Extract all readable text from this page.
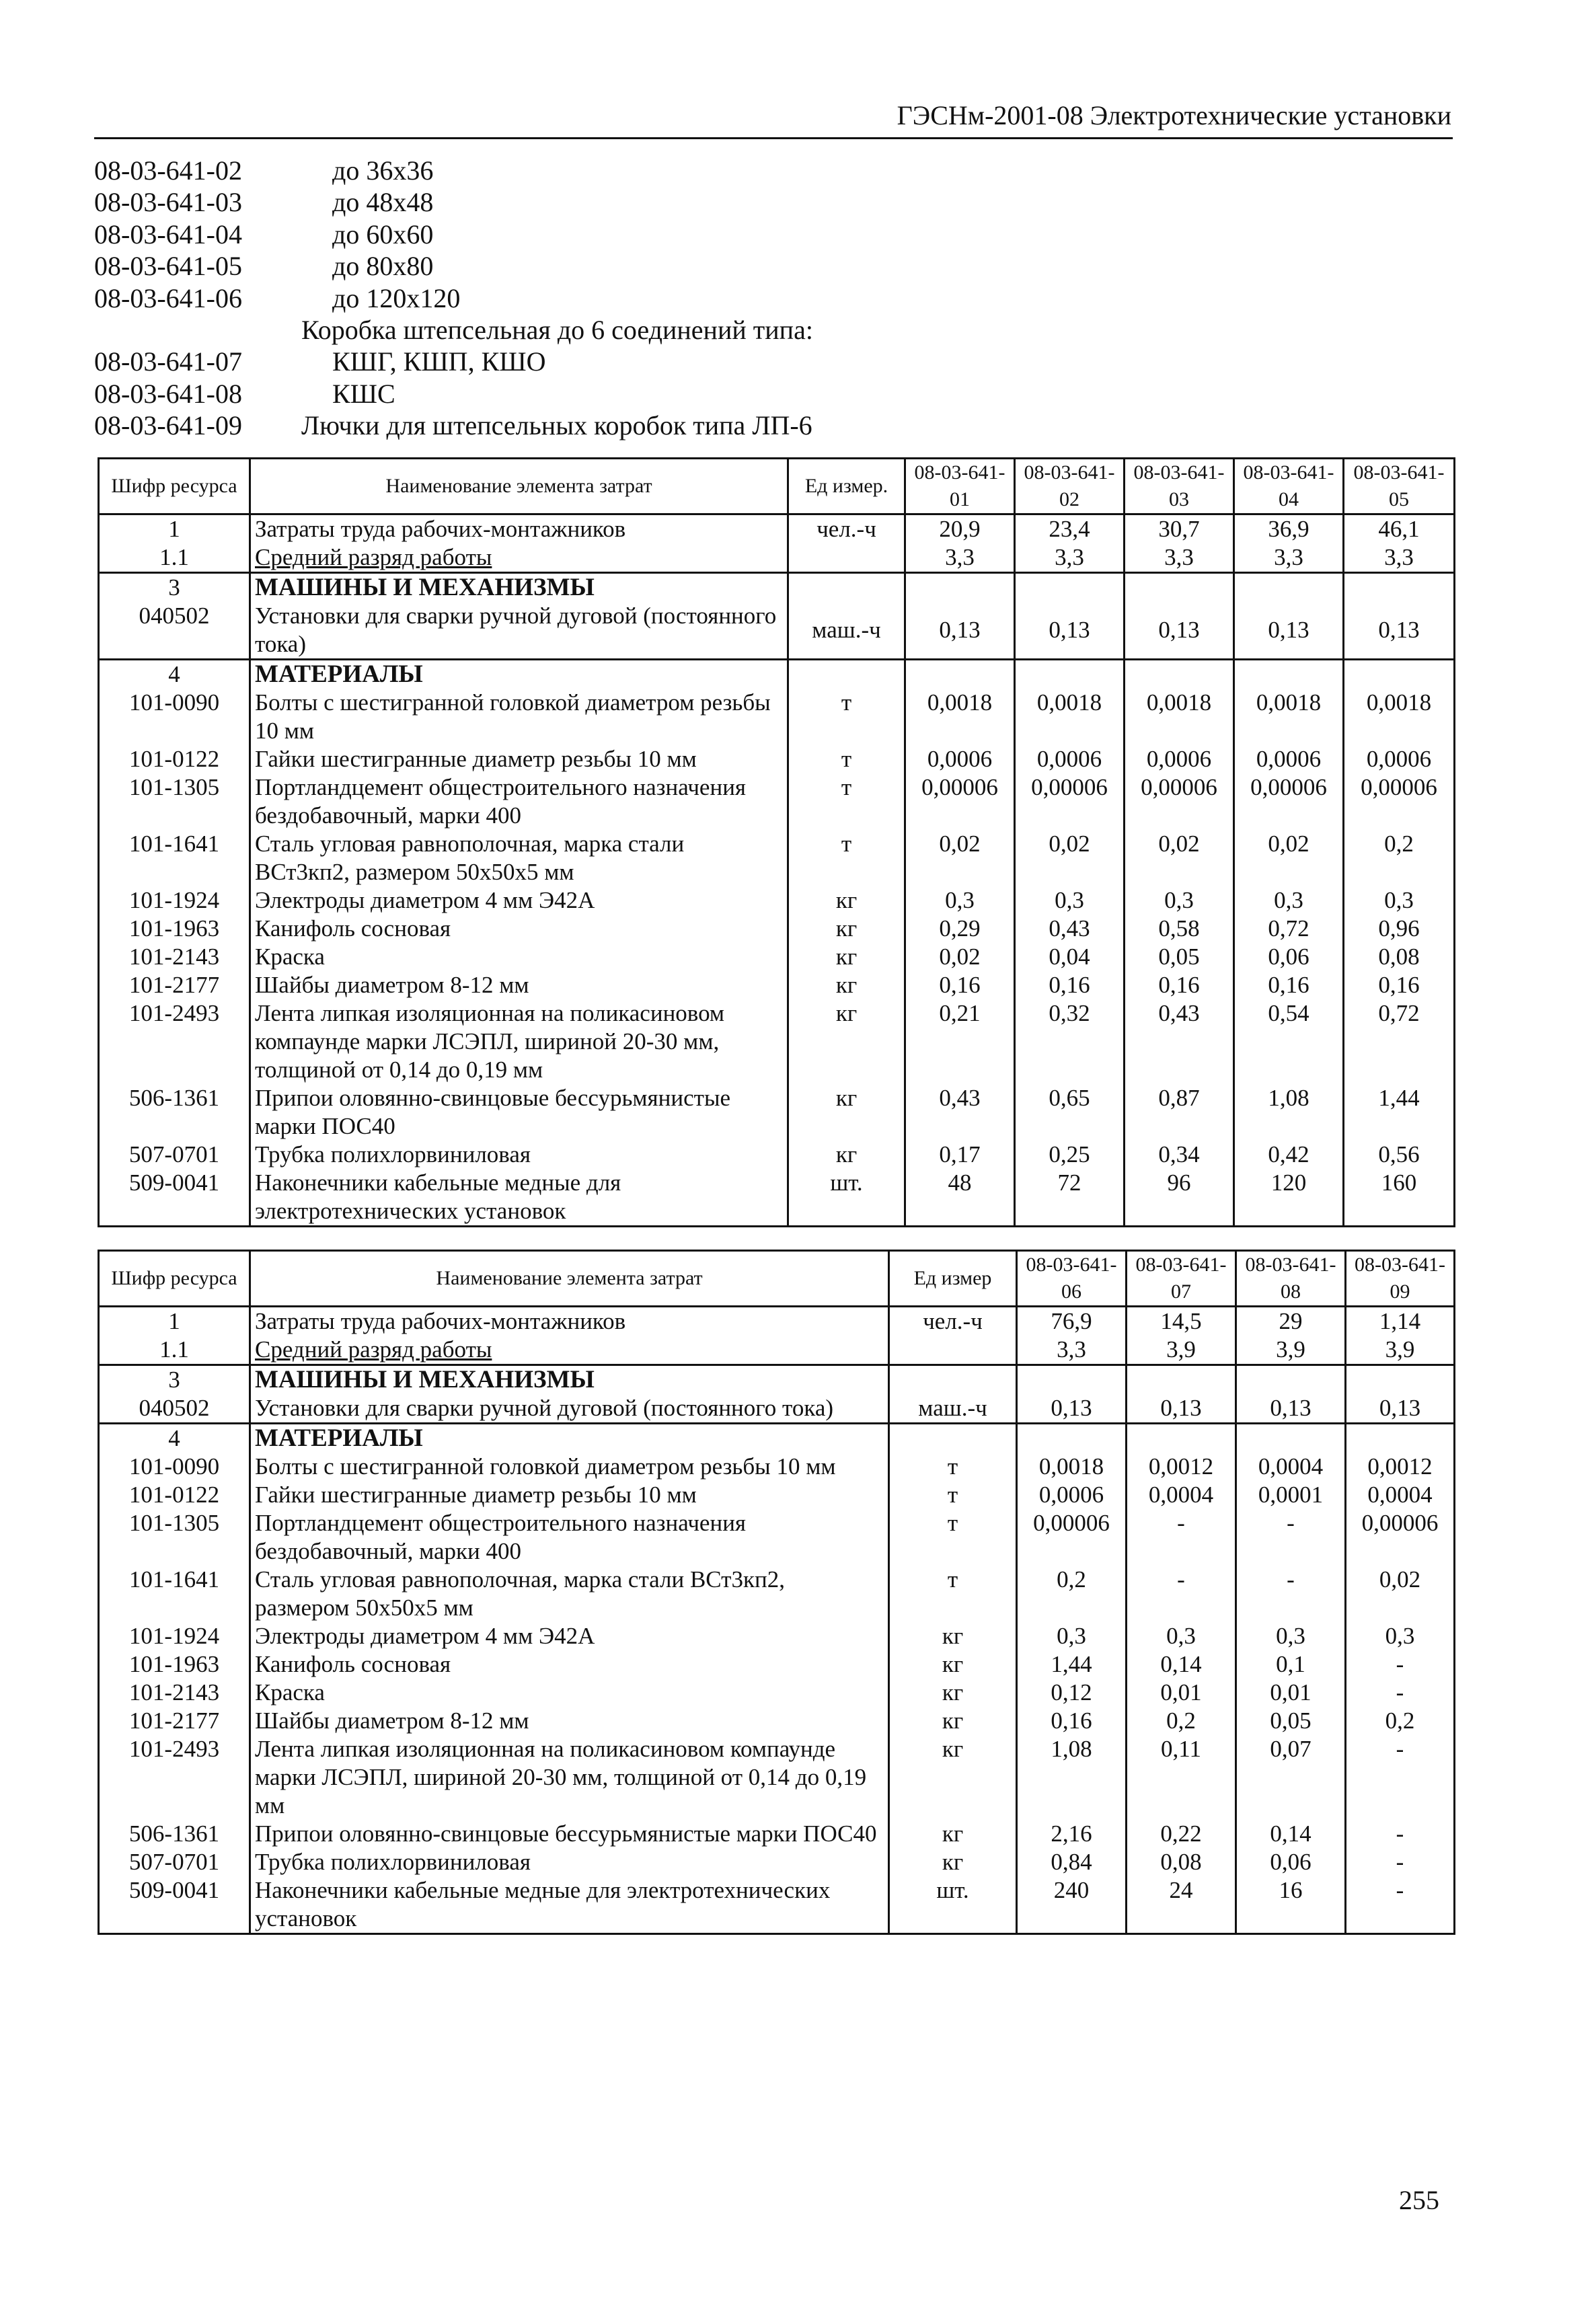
ГЭСНм-2001-08 Электротехнические установки
08-03-641-02	до 36х36
08-03-641-03	до 48х48
08-03-641-04	до 60х60
08-03-641-05	до 80х80
08-03-641-06	до 120х120
Коробка штепсельная до 6 соединений типа:
08-03-641-07	КШГ, КШП, КШО
08-03-641-08	КШС
08-03-641-09 Лючки для штепсельных коробок типа ЛП-6
Шифр ресурса	Наименование элемента затрат	Ед измер.	08-03-641-01	08-03-641-02	08-03-641-03	08-03-641-04	08-03-641-05
1	Затраты труда рабочих-монтажников	чел.-ч	20,9	23,4	30,7	36,9	46,1
1.1	Средний разряд работы		3,3	3,3	3,3	3,3	3,3
3	МАШИНЫ И МЕХАНИЗМЫ						
040502	Установки для сварки ручной дуговой (постоянного тока)	маш.-ч	0,13	0,13	0,13	0,13	0,13
4	МАТЕРИАЛЫ						
101-0090	Болты с шестигранной головкой диаметром резьбы 10 мм	т	0,0018	0,0018	0,0018	0,0018	0,0018
101-0122	Гайки шестигранные диаметр резьбы 10 мм	т	0,0006	0,0006	0,0006	0,0006	0,0006
101-1305	Портландцемент общестроительного назначения бездобавочный, марки 400	т	0,00006	0,00006	0,00006	0,00006	0,00006
101-1641	Сталь угловая равнополочная, марка стали ВСт3кп2, размером 50х50х5 мм	т	0,02	0,02	0,02	0,02	0,2
101-1924	Электроды диаметром 4 мм Э42А	кг	0,3	0,3	0,3	0,3	0,3
101-1963	Канифоль сосновая	кг	0,29	0,43	0,58	0,72	0,96
101-2143	Краска	кг	0,02	0,04	0,05	0,06	0,08
101-2177	Шайбы диаметром 8-12 мм	кг	0,16	0,16	0,16	0,16	0,16
101-2493	Лента липкая изоляционная на поликасиновом компаунде марки ЛСЭПЛ, шириной 20-30 мм, толщиной от 0,14 до 0,19 мм	кг	0,21	0,32	0,43	0,54	0,72
506-1361	Припои оловянно-свинцовые бессурьмянистые марки ПОС40	кг	0,43	0,65	0,87	1,08	1,44
507-0701	Трубка полихлорвиниловая	кг	0,17	0,25	0,34	0,42	0,56
509-0041	Наконечники кабельные медные для электротехнических установок	шт.	48	72	96	120	160
Шифр ресурса	Наименование элемента затрат	Ед измер	08-03-641-06	08-03-641-07	08-03-641-08	08-03-641-09
1	Затраты труда рабочих-монтажников	чел.-ч	76,9	14,5	29	1,14
1.1	Средний разряд работы		3,3	3,9	3,9	3,9
3	МАШИНЫ И МЕХАНИЗМЫ					
040502	Установки для сварки ручной дуговой (постоянного тока)	маш.-ч	0,13	0,13	0,13	0,13
4	МАТЕРИАЛЫ					
101-0090	Болты с шестигранной головкой диаметром резьбы 10 мм	т	0,0018	0,0012	0,0004	0,0012
101-0122	Гайки шестигранные диаметр резьбы 10 мм	т	0,0006	0,0004	0,0001	0,0004
101-1305	Портландцемент общестроительного назначения бездобавочный, марки 400	т	0,00006	-	-	0,00006
101-1641	Сталь угловая равнополочная, марка стали ВСт3кп2, размером 50х50х5 мм	т	0,2	-	-	0,02
101-1924	Электроды диаметром 4 мм Э42А	кг	0,3	0,3	0,3	0,3
101-1963	Канифоль сосновая	кг	1,44	0,14	0,1	-
101-2143	Краска	кг	0,12	0,01	0,01	-
101-2177	Шайбы диаметром 8-12 мм	кг	0,16	0,2	0,05	0,2
101-2493	Лента липкая изоляционная на поликасиновом компаунде марки ЛСЭПЛ, шириной 20-30 мм, толщиной от 0,14 до 0,19 мм	кг	1,08	0,11	0,07	-
506-1361	Припои оловянно-свинцовые бессурьмянистые марки ПОС40	кг	2,16	0,22	0,14	-
507-0701	Трубка полихлорвиниловая	кг	0,84	0,08	0,06	-
509-0041	Наконечники кабельные медные для электротехнических установок	шт.	240	24	16	-
255
